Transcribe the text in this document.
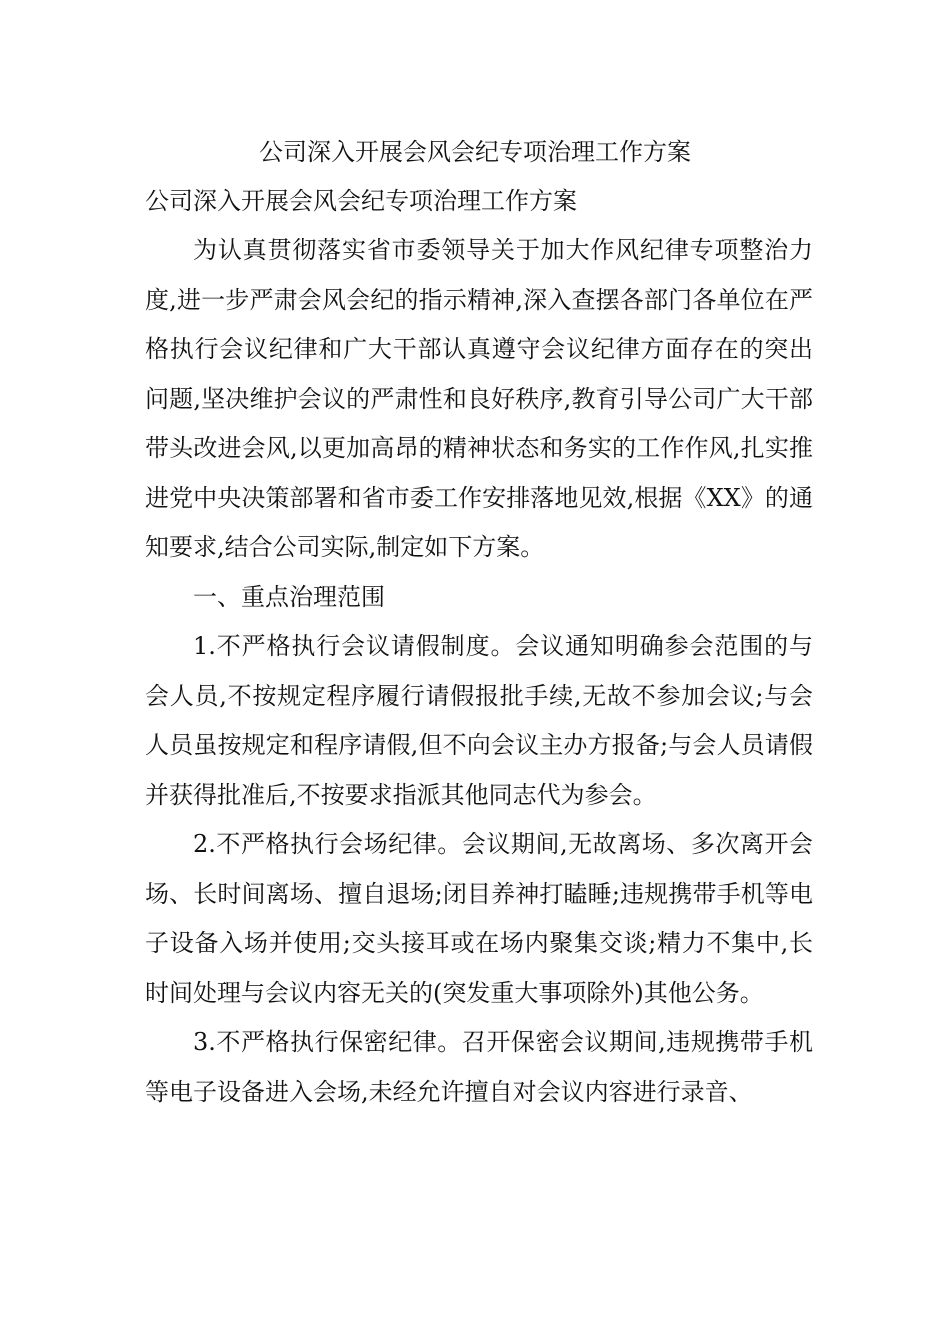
公司深入开展会风会纪专项治理工作方案

公司深入开展会风会纪专项治理工作方案

为认真贯彻落实省市委领导关于加大作风纪律专项整治力度,进一步严肃会风会纪的指示精神,深入查摆各部门各单位在严格执行会议纪律和广大干部认真遵守会议纪律方面存在的突出问题,坚决维护会议的严肃性和良好秩序,教育引导公司广大干部带头改进会风,以更加高昂的精神状态和务实的工作作风,扎实推进党中央决策部署和省市委工作安排落地见效,根据《XX》的通知要求,结合公司实际,制定如下方案。

一、重点治理范围

1.不严格执行会议请假制度。会议通知明确参会范围的与会人员,不按规定程序履行请假报批手续,无故不参加会议;与会人员虽按规定和程序请假,但不向会议主办方报备;与会人员请假并获得批准后,不按要求指派其他同志代为参会。

2.不严格执行会场纪律。会议期间,无故离场、多次离开会场、长时间离场、擅自退场;闭目养神打瞌睡;违规携带手机等电子设备入场并使用;交头接耳或在场内聚集交谈;精力不集中,长时间处理与会议内容无关的(突发重大事项除外)其他公务。

3.不严格执行保密纪律。召开保密会议期间,违规携带手机等电子设备进入会场,未经允许擅自对会议内容进行录音、
